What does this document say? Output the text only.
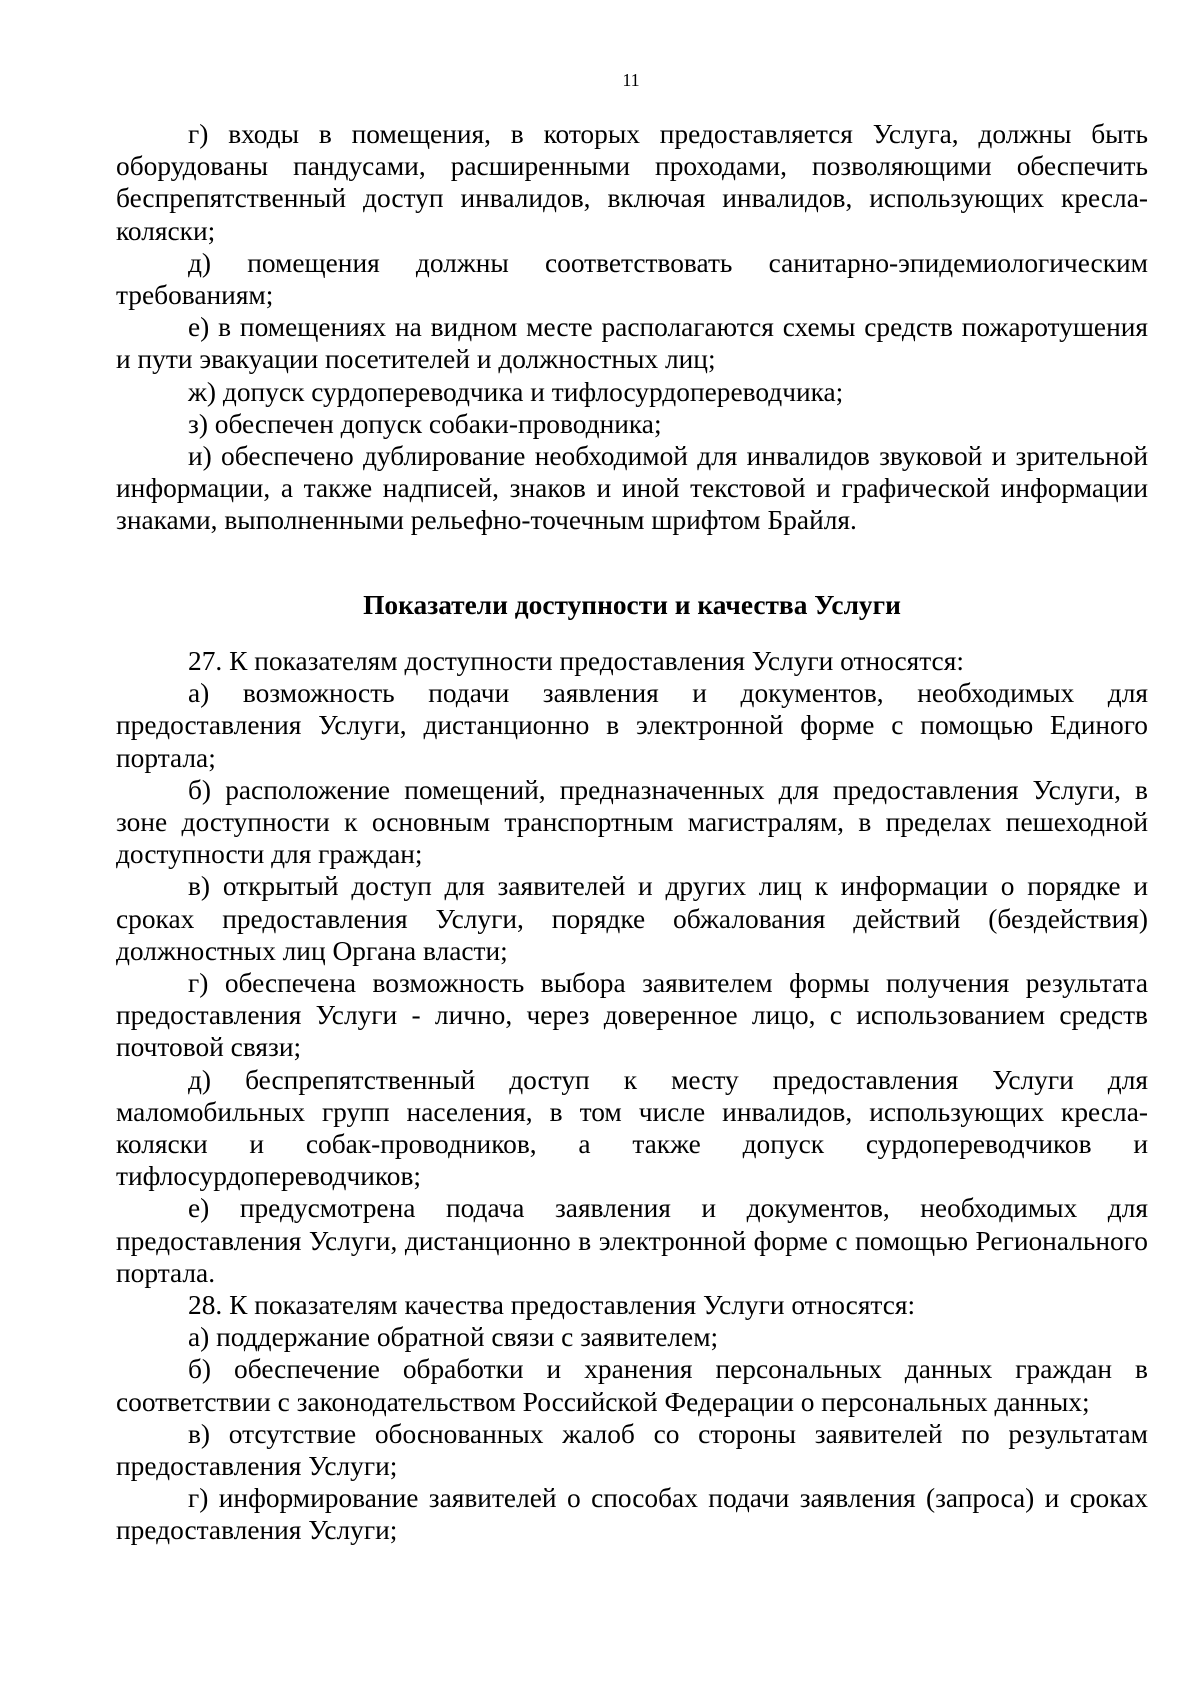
11

г) входы в помещения, в которых предоставляется Услуга, должны быть оборудованы пандусами, расширенными проходами, позволяющими обеспечить беспрепятственный доступ инвалидов, включая инвалидов, использующих кресла-коляски;

д) помещения должны соответствовать санитарно-эпидемиологическим требованиям;

е) в помещениях на видном месте располагаются схемы средств пожаротушения и пути эвакуации посетителей и должностных лиц;

ж) допуск сурдопереводчика и тифлосурдопереводчика;

з) обеспечен допуск собаки-проводника;

и) обеспечено дублирование необходимой для инвалидов звуковой и зрительной информации, а также надписей, знаков и иной текстовой и графической информации знаками, выполненными рельефно-точечным шрифтом Брайля.

Показатели доступности и качества Услуги

27. К показателям доступности предоставления Услуги относятся:

а) возможность подачи заявления и документов, необходимых для предоставления Услуги, дистанционно в электронной форме с помощью Единого портала;

б) расположение помещений, предназначенных для предоставления Услуги, в зоне доступности к основным транспортным магистралям, в пределах пешеходной доступности для граждан;

в) открытый доступ для заявителей и других лиц к информации о порядке и сроках предоставления Услуги, порядке обжалования действий (бездействия) должностных лиц Органа власти;

г) обеспечена возможность выбора заявителем формы получения результата предоставления Услуги - лично, через доверенное лицо, с использованием средств почтовой связи;

д) беспрепятственный доступ к месту предоставления Услуги для маломобильных групп населения, в том числе инвалидов, использующих кресла-коляски и собак-проводников, а также допуск сурдопереводчиков и тифлосурдопереводчиков;

е) предусмотрена подача заявления и документов, необходимых для предоставления Услуги, дистанционно в электронной форме с помощью Регионального портала.

28. К показателям качества предоставления Услуги относятся:

а) поддержание обратной связи с заявителем;

б) обеспечение обработки и хранения персональных данных граждан в соответствии с законодательством Российской Федерации о персональных данных;

в) отсутствие обоснованных жалоб со стороны заявителей по результатам предоставления Услуги;

г) информирование заявителей о способах подачи заявления (запроса) и сроках предоставления Услуги;
